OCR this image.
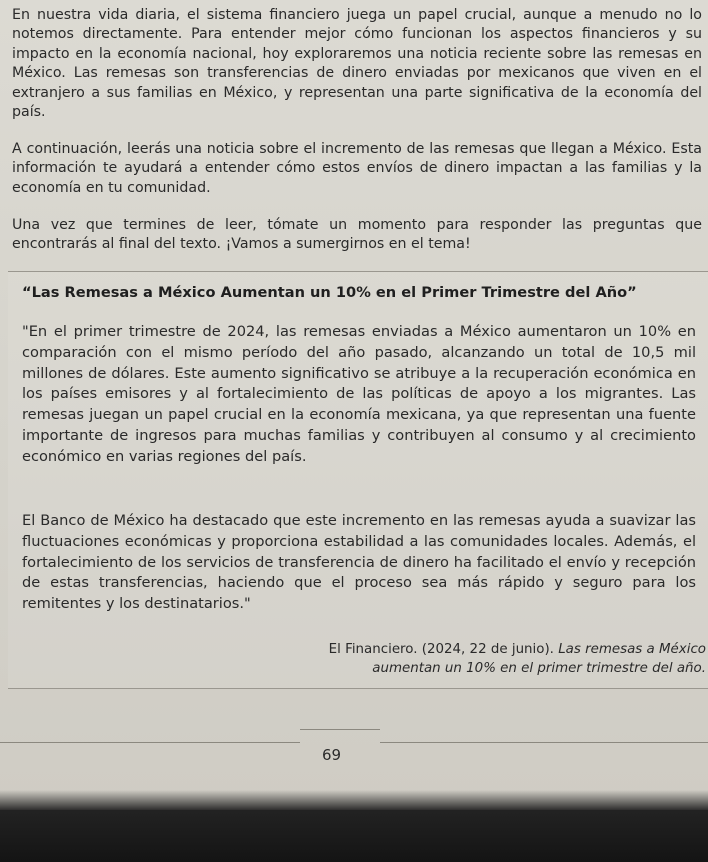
En nuestra vida diaria, el sistema financiero juega un papel crucial, aunque a menudo no lo notemos directamente. Para entender mejor cómo funcionan los aspectos financieros y su impacto en la economía nacional, hoy exploraremos una noticia reciente sobre las remesas en México. Las remesas son transferencias de dinero enviadas por mexicanos que viven en el extranjero a sus familias en México, y representan una parte significativa de la economía del país.

A continuación, leerás una noticia sobre el incremento de las remesas que llegan a México. Esta información te ayudará a entender cómo estos envíos de dinero impactan a las familias y la economía en tu comunidad.

Una vez que termines de leer, tómate un momento para responder las preguntas que encontrarás al final del texto. ¡Vamos a sumergirnos en el tema!

“Las Remesas a México Aumentan un 10% en el Primer Trimestre del Año”

"En el primer trimestre de 2024, las remesas enviadas a México aumentaron un 10% en comparación con el mismo período del año pasado, alcanzando un total de 10,5 mil millones de dólares. Este aumento significativo se atribuye a la recuperación económica en los países emisores y al fortalecimiento de las políticas de apoyo a los migrantes. Las remesas juegan un papel crucial en la economía mexicana, ya que representan una fuente importante de ingresos para muchas familias y contribuyen al consumo y al crecimiento económico en varias regiones del país.

El Banco de México ha destacado que este incremento en las remesas ayuda a suavizar las fluctuaciones económicas y proporciona estabilidad a las comunidades locales. Además, el fortalecimiento de los servicios de transferencia de dinero ha facilitado el envío y recepción de estas transferencias, haciendo que el proceso sea más rápido y seguro para los remitentes y los destinatarios."

El Financiero. (2024, 22 de junio). Las remesas a México
aumentan un 10% en el primer trimestre del año.

69
